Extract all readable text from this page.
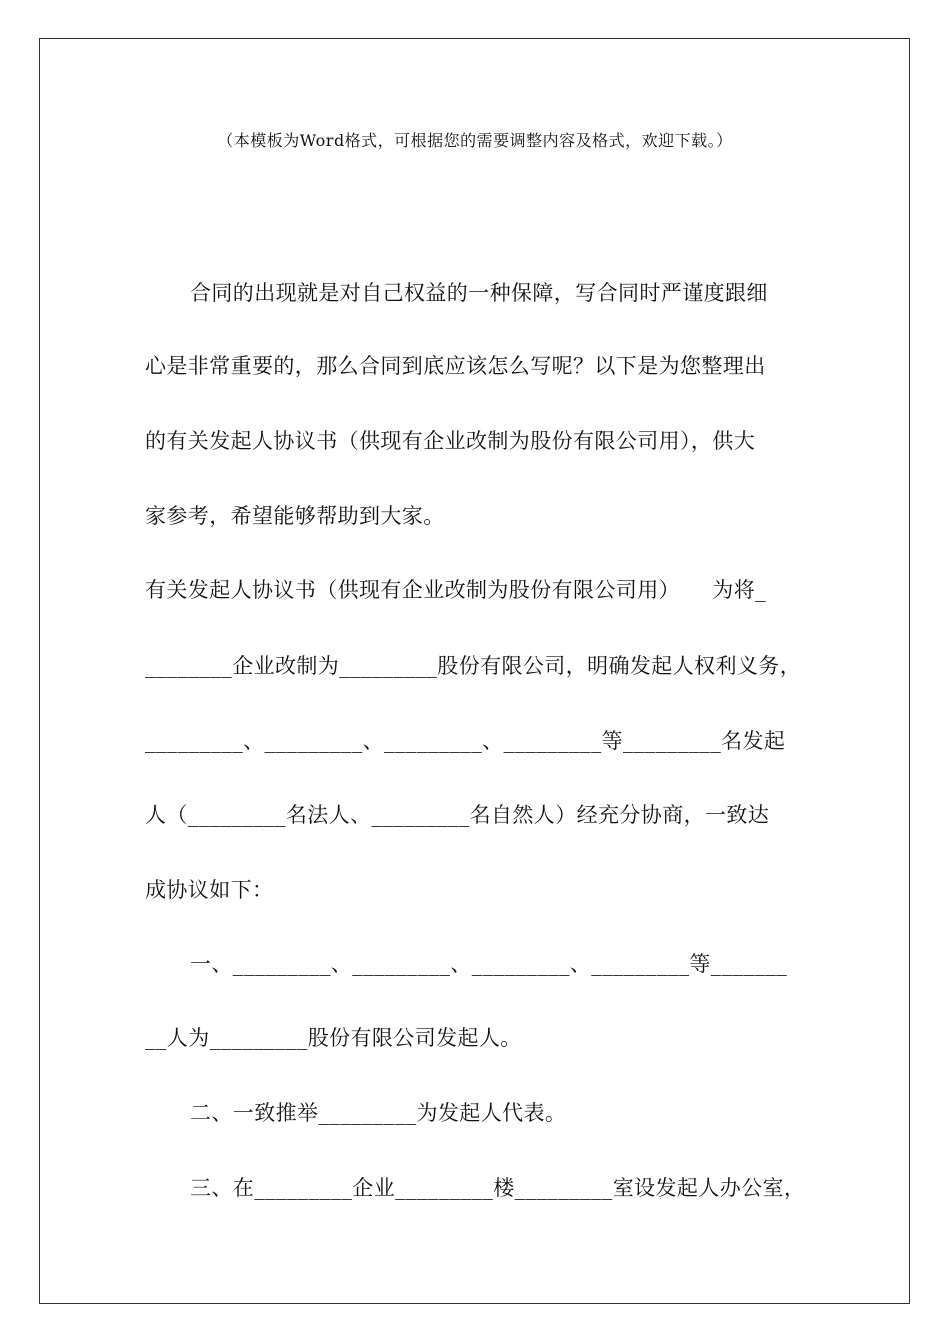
（本模板为Word格式，可根据您的需要调整内容及格式，欢迎下载。）
合同的出现就是对自己权益的一种保障，写合同时严谨度跟细
心是非常重要的，那么合同到底应该怎么写呢？以下是为您整理出
的有关发起人协议书（供现有企业改制为股份有限公司用），供大
家参考，希望能够帮助到大家。
有关发起人协议书（供现有企业改制为股份有限公司用）　　为将_
________企业改制为_________股份有限公司，明确发起人权利义务，
_________、_________、_________、_________等_________名发起
人（_________名法人、_________名自然人）经充分协商，一致达
成协议如下：
一、_________、_________、_________、_________等_______
__人为_________股份有限公司发起人。
二、一致推举_________为发起人代表。
三、在_________企业_________楼_________室设发起人办公室，
